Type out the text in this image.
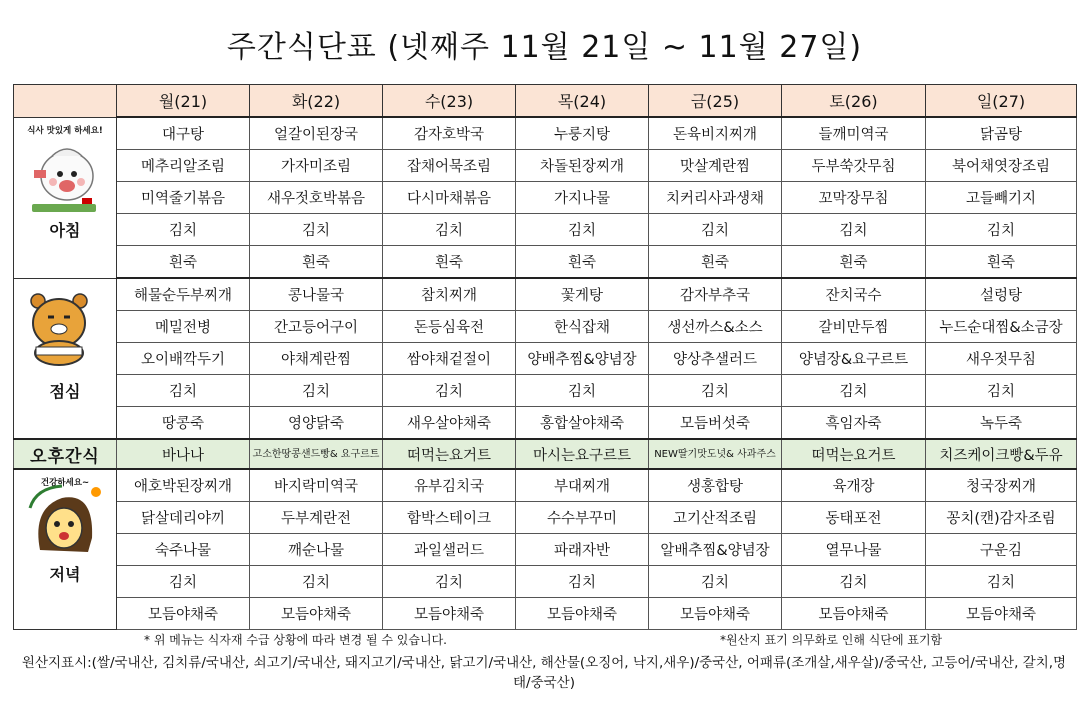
주간식단표 (넷째주 11월 21일 ~ 11월 27일)
	월(21)	화(22)	수(23)	목(24)	금(25)	토(26)	일(27)

식사 맛있게 하세요!
아침	대구탕	얼갈이된장국	감자호박국	누룽지탕	돈육비지찌개	들깨미역국	닭곰탕
	메추리알조림	가자미조림	잡채어묵조림	차돌된장찌개	맛살계란찜	두부쑥갓무침	북어채엿장조림
	미역줄기볶음	새우젓호박볶음	다시마채볶음	가지나물	치커리사과생채	꼬막장무침	고들빼기지
	김치	김치	김치	김치	김치	김치	김치
	흰죽	흰죽	흰죽	흰죽	흰죽	흰죽	흰죽

점심	해물순두부찌개	콩나물국	참치찌개	꽃게탕	감자부추국	잔치국수	설렁탕
	메밀전병	간고등어구이	돈등심육전	한식잡채	생선까스&소스	갈비만두찜	누드순대찜&소금장
	오이배깍두기	야채계란찜	쌈야채겉절이	양배추찜&양념장	양상추샐러드	양념장&요구르트	새우젓무침
	김치	김치	김치	김치	김치	김치	김치
	땅콩죽	영양닭죽	새우살야채죽	홍합살야채죽	모듬버섯죽	흑임자죽	녹두죽
오후간식	바나나	고소한땅콩샌드빵& 요구르트	떠먹는요거트	마시는요구르트	NEW딸기맛도넛& 사과주스	떠먹는요거트	치즈케이크빵&두유

건강하세요~
저녁	애호박된장찌개	바지락미역국	유부김치국	부대찌개	생홍합탕	육개장	청국장찌개
	닭살데리야끼	두부계란전	함박스테이크	수수부꾸미	고기산적조림	동태포전	꽁치(캔)감자조림
	숙주나물	깨순나물	과일샐러드	파래자반	알배추찜&양념장	열무나물	구운김
	김치	김치	김치	김치	김치	김치	김치
	모듬야채죽	모듬야채죽	모듬야채죽	모듬야채죽	모듬야채죽	모듬야채죽	모듬야채죽
* 위 메뉴는 식자재 수급 상황에 따라 변경 될 수 있습니다.	*원산지 표기 의무화로 인해 식단에 표기함
원산지표시:(쌀/국내산, 김치류/국내산, 쇠고기/국내산, 돼지고기/국내산, 닭고기/국내산, 해산물(오징어, 낙지,새우)/중국산, 어패류(조개살,새우살)/중국산, 고등어/국내산, 갈치,명태/중국산)
